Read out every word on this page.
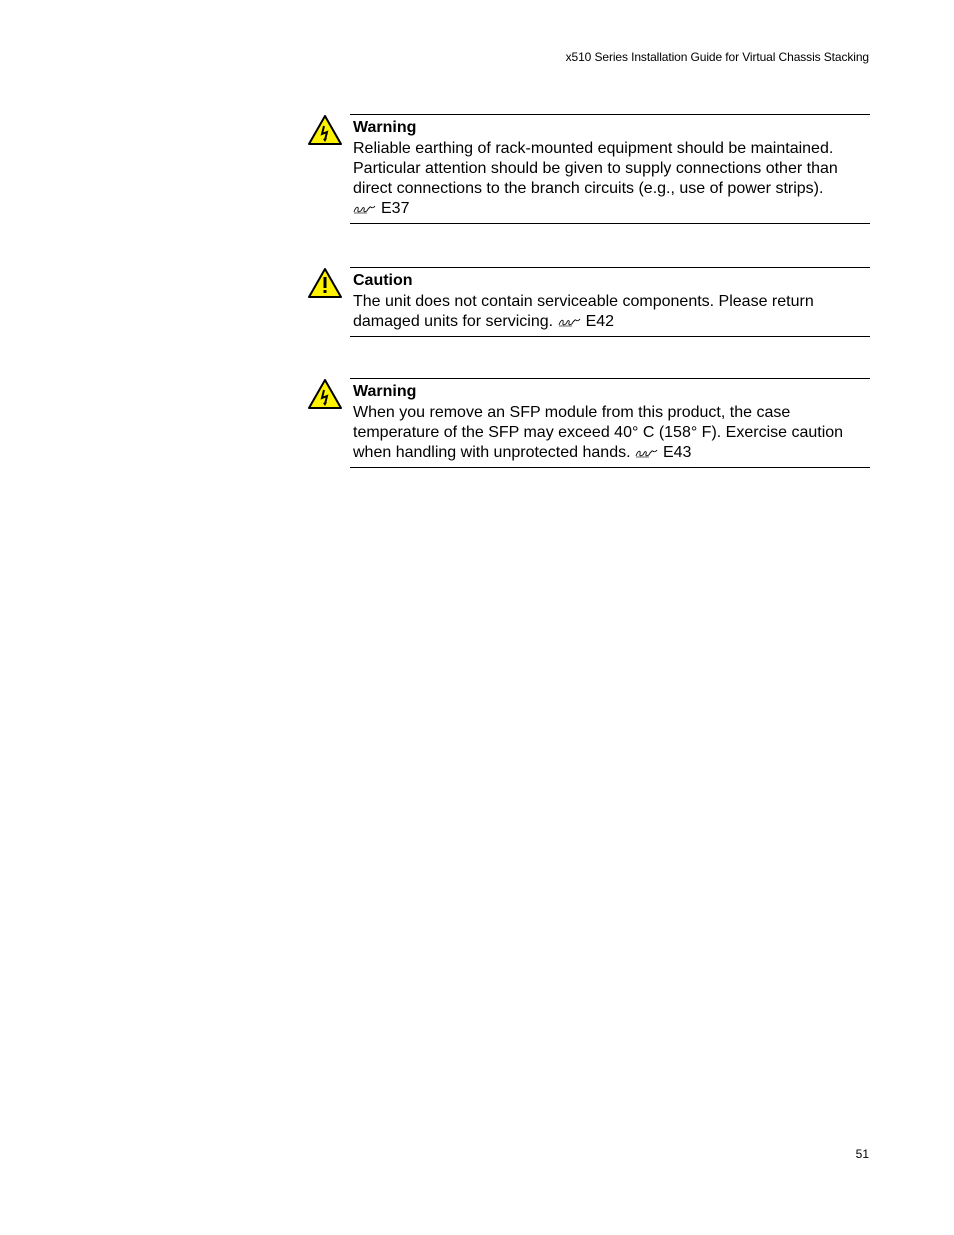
x510 Series Installation Guide for Virtual Chassis Stacking
Warning
Reliable earthing of rack-mounted equipment should be maintained. Particular attention should be given to supply connections other than direct connections to the branch circuits (e.g., use of power strips).
E37
Caution
The unit does not contain serviceable components. Please return damaged units for servicing. E42
Warning
When you remove an SFP module from this product, the case temperature of the SFP may exceed 40° C (158° F). Exercise caution when handling with unprotected hands. E43
51
